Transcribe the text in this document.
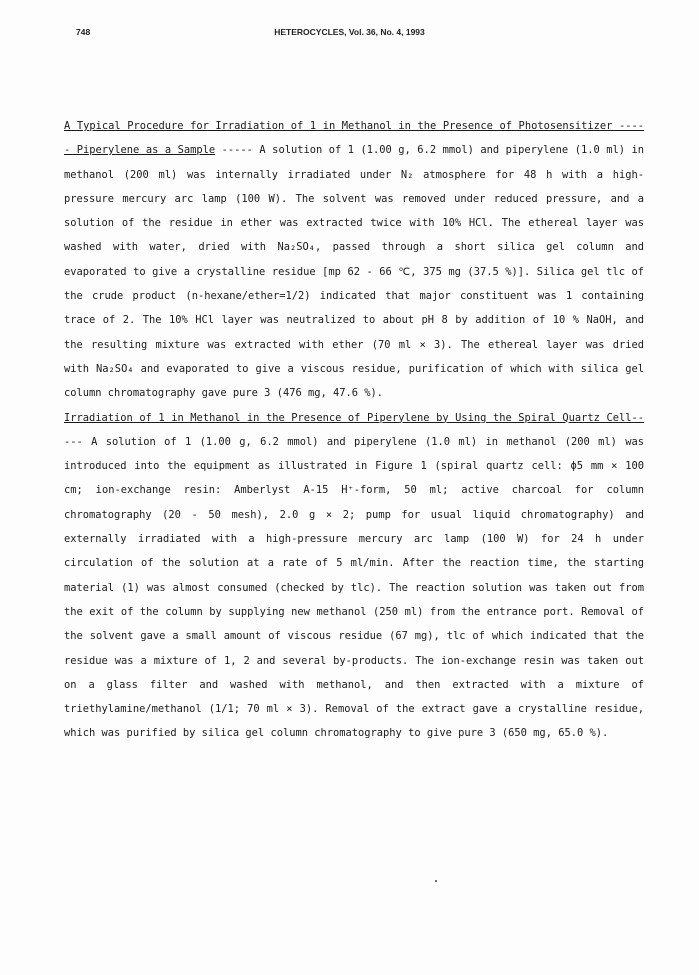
748	HETEROCYCLES, Vol. 36, No. 4, 1993
A Typical Procedure for Irradiation of 1 in Methanol in the Presence of Photosensitizer ----
- Piperylene as a Sample ----- A solution of 1 (1.00 g, 6.2 mmol) and piperylene (1.0 ml) in
methanol (200 ml) was internally irradiated under N₂ atmosphere for 48 h with a high-
pressure mercury arc lamp (100 W). The solvent was removed under reduced pressure, and a
solution of the residue in ether was extracted twice with 10% HCl. The ethereal layer was
washed with water, dried with Na₂SO₄, passed through a short silica gel column and
evaporated to give a crystalline residue [mp 62 - 66 ℃, 375 mg (37.5 %)]. Silica gel tlc of
the crude product (n-hexane/ether=1/2) indicated that major constituent was 1 containing
trace of 2. The 10% HCl layer was neutralized to about pH 8 by addition of 10 % NaOH, and
the resulting mixture was extracted with ether (70 ml × 3). The ethereal layer was dried
with Na₂SO₄ and evaporated to give a viscous residue, purification of which with silica gel
column chromatography gave pure 3 (476 mg, 47.6 %).
Irradiation of 1 in Methanol in the Presence of Piperylene by Using the Spiral Quartz Cell--
--- A solution of 1 (1.00 g, 6.2 mmol) and piperylene (1.0 ml) in methanol (200 ml) was
introduced into the equipment as illustrated in Figure 1 (spiral quartz cell: ϕ5 mm × 100
cm; ion-exchange resin: Amberlyst A-15 H⁺-form, 50 ml; active charcoal for column
chromatography (20 - 50 mesh), 2.0 g × 2; pump for usual liquid chromatography) and
externally irradiated with a high-pressure mercury arc lamp (100 W) for 24 h under
circulation of the solution at a rate of 5 ml/min. After the reaction time, the starting
material (1) was almost consumed (checked by tlc). The reaction solution was taken out from
the exit of the column by supplying new methanol (250 ml) from the entrance port. Removal of
the solvent gave a small amount of viscous residue (67 mg), tlc of which indicated that the
residue was a mixture of 1, 2 and several by-products. The ion-exchange resin was taken out
on a glass filter and washed with methanol, and then extracted with a mixture of
triethylamine/methanol (1/1; 70 ml × 3). Removal of the extract gave a crystalline residue,
which was purified by silica gel column chromatography to give pure 3 (650 mg, 65.0 %).
